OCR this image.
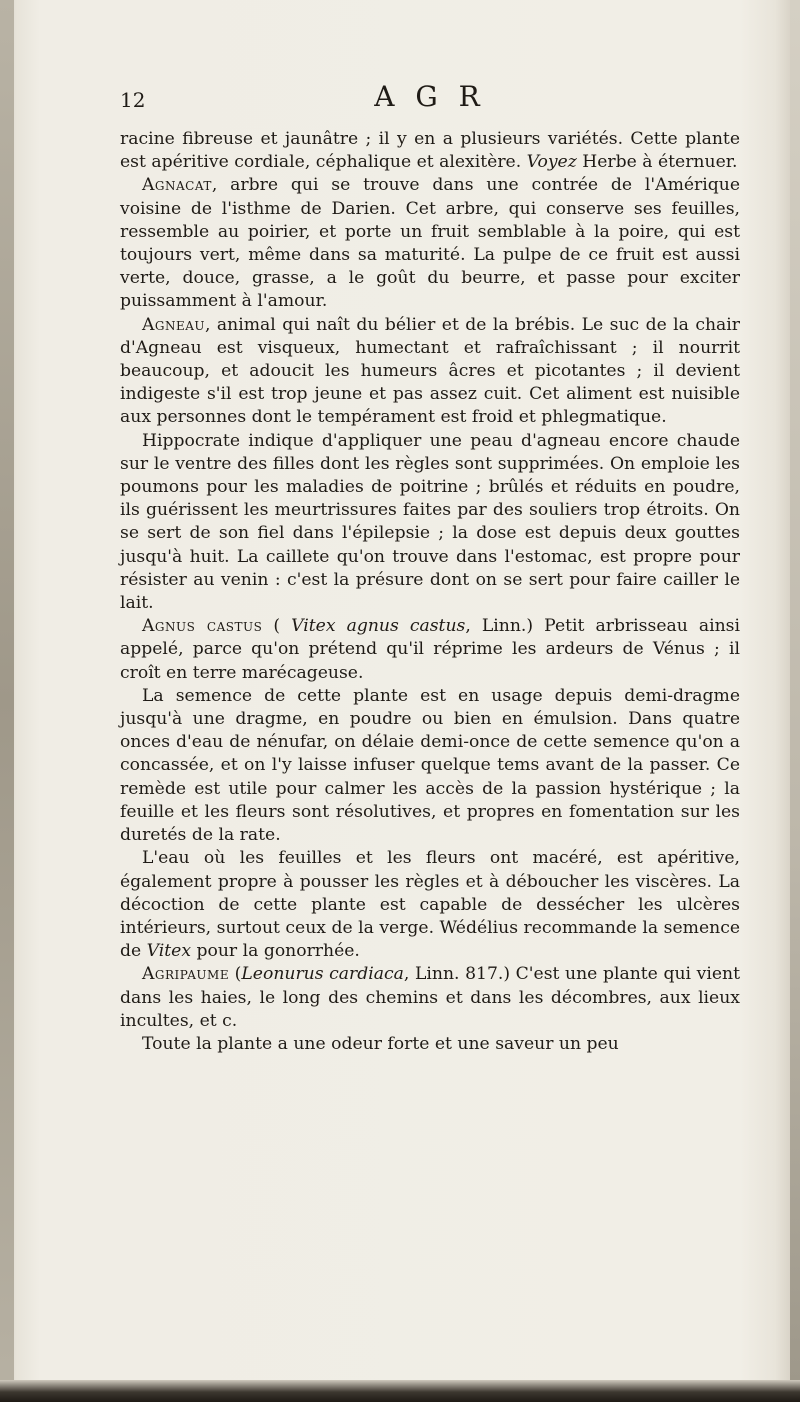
12	A G R

racine fibreuse et jaunâtre ; il y en a plusieurs variétés. Cette plante est apéritive cordiale, céphalique et alexitère. Voyez Herbe à éternuer.

Agnacat, arbre qui se trouve dans une contrée de l'Amérique voisine de l'isthme de Darien. Cet arbre, qui conserve ses feuilles, ressemble au poirier, et porte un fruit semblable à la poire, qui est toujours vert, même dans sa maturité. La pulpe de ce fruit est aussi verte, douce, grasse, a le goût du beurre, et passe pour exciter puissamment à l'amour.

Agneau, animal qui naît du bélier et de la brébis. Le suc de la chair d'Agneau est visqueux, humectant et rafraîchissant ; il nourrit beaucoup, et adoucit les humeurs âcres et picotantes ; il devient indigeste s'il est trop jeune et pas assez cuit. Cet aliment est nuisible aux personnes dont le tempérament est froid et phlegmatique.

Hippocrate indique d'appliquer une peau d'agneau encore chaude sur le ventre des filles dont les règles sont supprimées. On emploie les poumons pour les maladies de poitrine ; brûlés et réduits en poudre, ils guérissent les meurtrissures faites par des souliers trop étroits. On se sert de son fiel dans l'épilepsie ; la dose est depuis deux gouttes jusqu'à huit. La caillete qu'on trouve dans l'estomac, est propre pour résister au venin : c'est la présure dont on se sert pour faire cailler le lait.

Agnus castus ( Vitex agnus castus, Linn.) Petit arbrisseau ainsi appelé, parce qu'on prétend qu'il réprime les ardeurs de Vénus ; il croît en terre marécageuse.

La semence de cette plante est en usage depuis demi-dragme jusqu'à une dragme, en poudre ou bien en émulsion. Dans quatre onces d'eau de nénufar, on délaie demi-once de cette semence qu'on a concassée, et on l'y laisse infuser quelque tems avant de la passer. Ce remède est utile pour calmer les accès de la passion hystérique ; la feuille et les fleurs sont résolutives, et propres en fomentation sur les duretés de la rate.

L'eau où les feuilles et les fleurs ont macéré, est apéritive, également propre à pousser les règles et à déboucher les viscères. La décoction de cette plante est capable de dessécher les ulcères intérieurs, surtout ceux de la verge. Wédélius recommande la semence de Vitex pour la gonorrhée.

Agripaume (Leonurus cardiaca, Linn. 817.) C'est une plante qui vient dans les haies, le long des chemins et dans les décombres, aux lieux incultes, et c.

Toute la plante a une odeur forte et une saveur un peu
